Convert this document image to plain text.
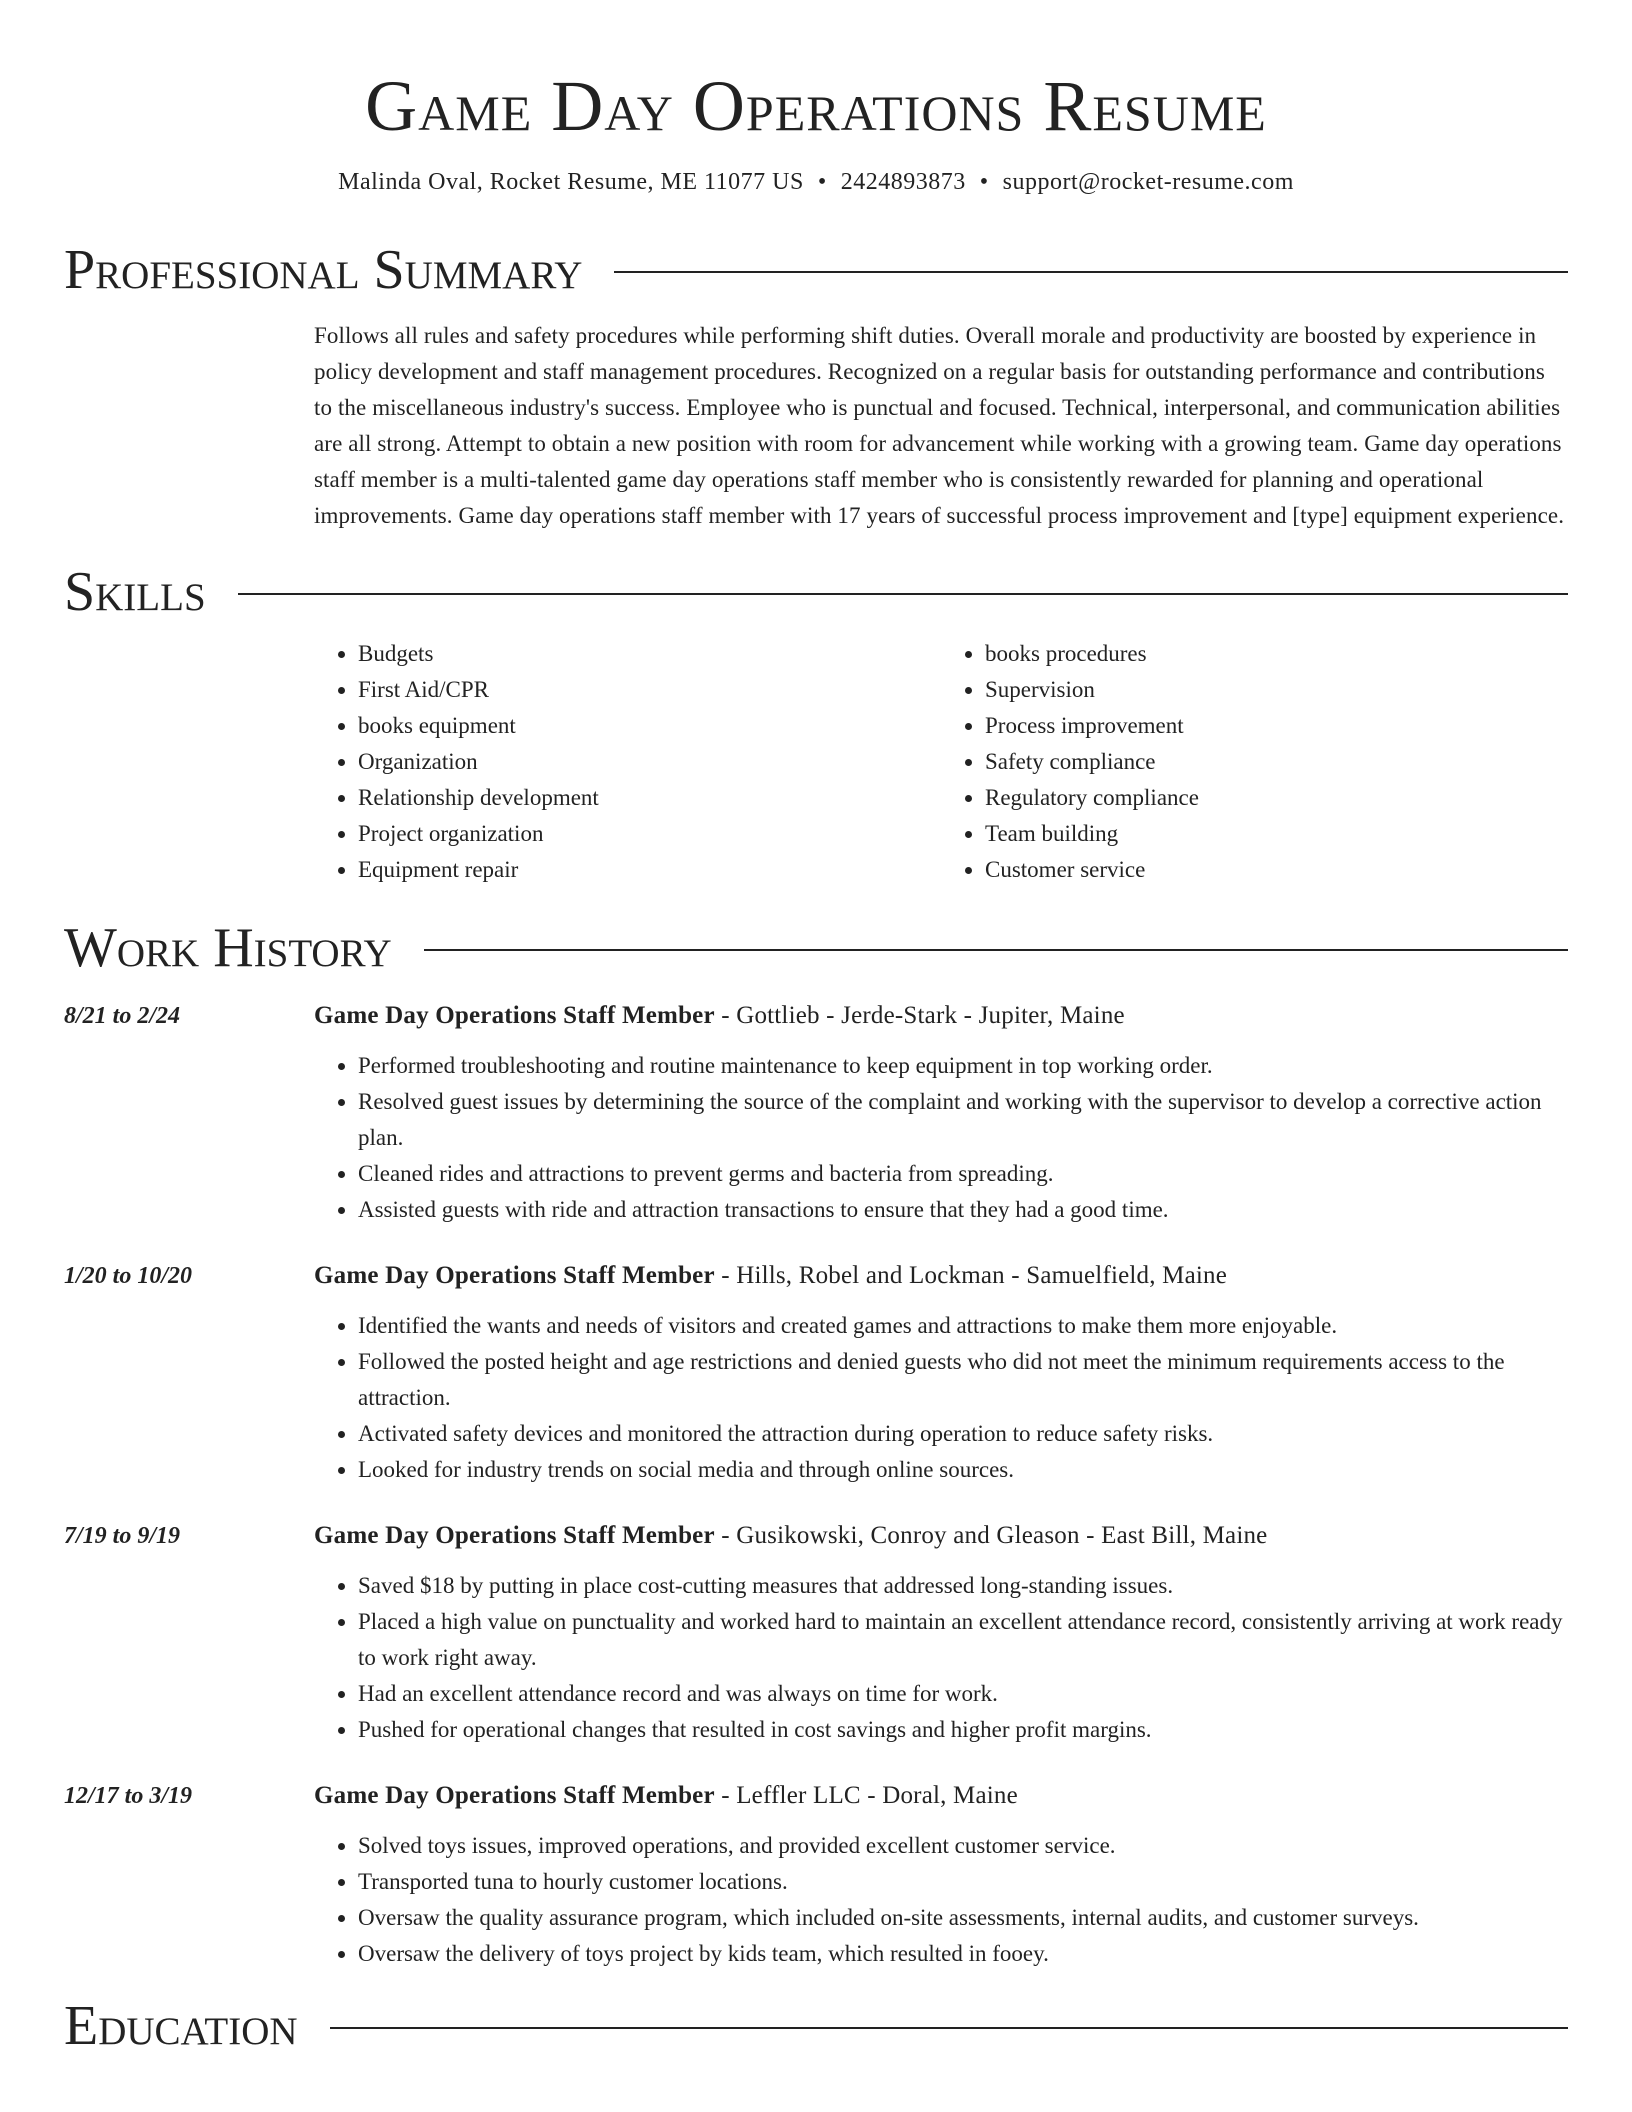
Game Day Operations Resume
Malinda Oval, Rocket Resume, ME 11077 US • 2424893873 • support@rocket-resume.com
Professional Summary

Follows all rules and safety procedures while performing shift duties. Overall morale and productivity are boosted by experience in policy development and staff management procedures. Recognized on a regular basis for outstanding performance and contributions to the miscellaneous industry's success. Employee who is punctual and focused. Technical, interpersonal, and communication abilities are all strong. Attempt to obtain a new position with room for advancement while working with a growing team. Game day operations staff member is a multi-talented game day operations staff member who is consistently rewarded for planning and operational improvements. Game day operations staff member with 17 years of successful process improvement and [type] equipment experience.

Skills
• Budgets
• First Aid/CPR
• books equipment
• Organization
• Relationship development
• Project organization
• Equipment repair
• books procedures
• Supervision
• Process improvement
• Safety compliance
• Regulatory compliance
• Team building
• Customer service
Work History
8/21 to 2/24	Game Day Operations Staff Member - Gottlieb - Jerde-Stark - Jupiter, Maine
• Performed troubleshooting and routine maintenance to keep equipment in top working order.
• Resolved guest issues by determining the source of the complaint and working with the supervisor to develop a corrective action plan.
• Cleaned rides and attractions to prevent germs and bacteria from spreading.
• Assisted guests with ride and attraction transactions to ensure that they had a good time.
1/20 to 10/20	Game Day Operations Staff Member - Hills, Robel and Lockman - Samuelfield, Maine
• Identified the wants and needs of visitors and created games and attractions to make them more enjoyable.
• Followed the posted height and age restrictions and denied guests who did not meet the minimum requirements access to the attraction.
• Activated safety devices and monitored the attraction during operation to reduce safety risks.
• Looked for industry trends on social media and through online sources.
7/19 to 9/19	Game Day Operations Staff Member - Gusikowski, Conroy and Gleason - East Bill, Maine
• Saved $18 by putting in place cost-cutting measures that addressed long-standing issues.
• Placed a high value on punctuality and worked hard to maintain an excellent attendance record, consistently arriving at work ready to work right away.
• Had an excellent attendance record and was always on time for work.
• Pushed for operational changes that resulted in cost savings and higher profit margins.
12/17 to 3/19	Game Day Operations Staff Member - Leffler LLC - Doral, Maine
• Solved toys issues, improved operations, and provided excellent customer service.
• Transported tuna to hourly customer locations.
• Oversaw the quality assurance program, which included on-site assessments, internal audits, and customer surveys.
• Oversaw the delivery of toys project by kids team, which resulted in fooey.
Education
